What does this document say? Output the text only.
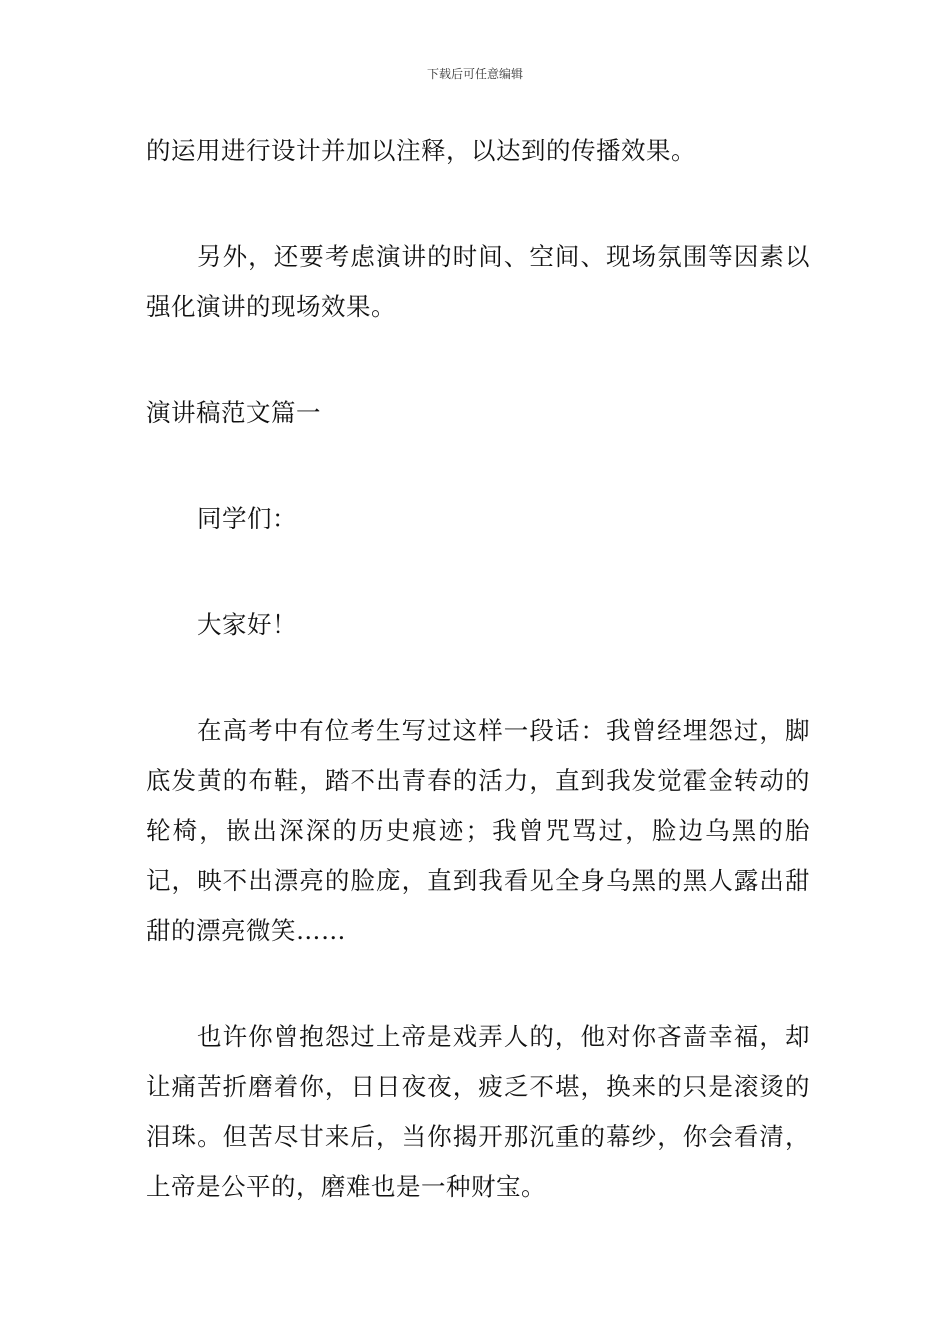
下载后可任意编辑

的运用进行设计并加以注释，以达到的传播效果。

另外，还要考虑演讲的时间、空间、现场氛围等因素以强化演讲的现场效果。

演讲稿范文篇一

同学们：

大家好！

在高考中有位考生写过这样一段话：我曾经埋怨过，脚底发黄的布鞋，踏不出青春的活力，直到我发觉霍金转动的轮椅，嵌出深深的历史痕迹；我曾咒骂过，脸边乌黑的胎记，映不出漂亮的脸庞，直到我看见全身乌黑的黑人露出甜甜的漂亮微笑……

也许你曾抱怨过上帝是戏弄人的，他对你吝啬幸福，却让痛苦折磨着你，日日夜夜，疲乏不堪，换来的只是滚烫的泪珠。但苦尽甘来后，当你揭开那沉重的幕纱，你会看清，上帝是公平的，磨难也是一种财宝。
